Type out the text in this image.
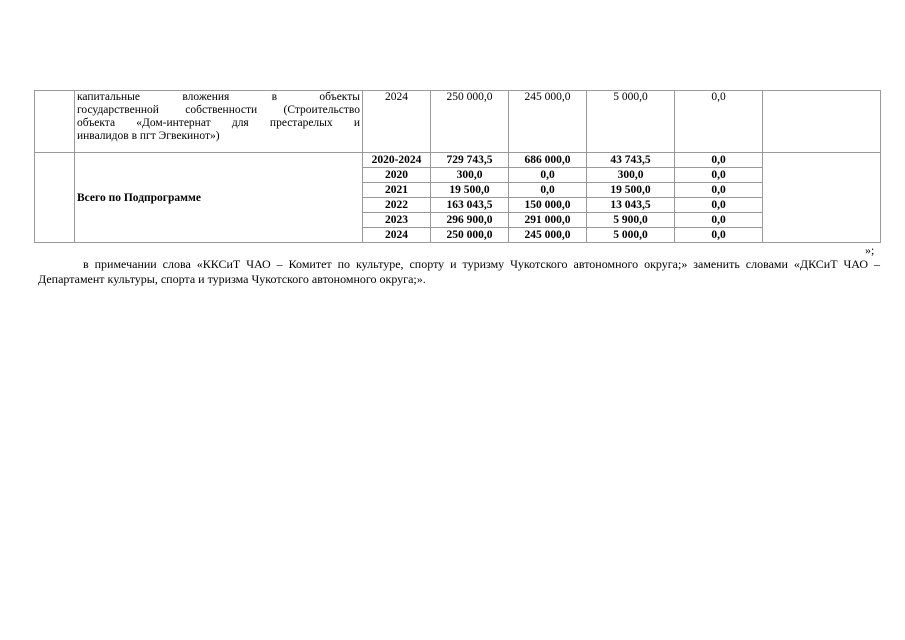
	капитальные вложения в объекты
государственной собственности (Строительство
объекта «Дом-интернат для престарелых и
инвалидов в пгт Эгвекинот»)	2024	250 000,0	245 000,0	5 000,0	0,0	
	Всего по Подпрограмме	2020-2024	729 743,5	686 000,0	43 743,5	0,0	
		2020	300,0	0,0	300,0	0,0	
		2021	19 500,0	0,0	19 500,0	0,0	
		2022	163 043,5	150 000,0	13 043,5	0,0	
		2023	296 900,0	291 000,0	5 900,0	0,0	
		2024	250 000,0	245 000,0	5 000,0	0,0	
»;

в примечании слова «ККСиТ ЧАО – Комитет по культуре, спорту и туризму Чукотского автономного округа;» заменить словами «ДКСиТ ЧАО – Департамент культуры, спорта и туризма Чукотского автономного округа;».
